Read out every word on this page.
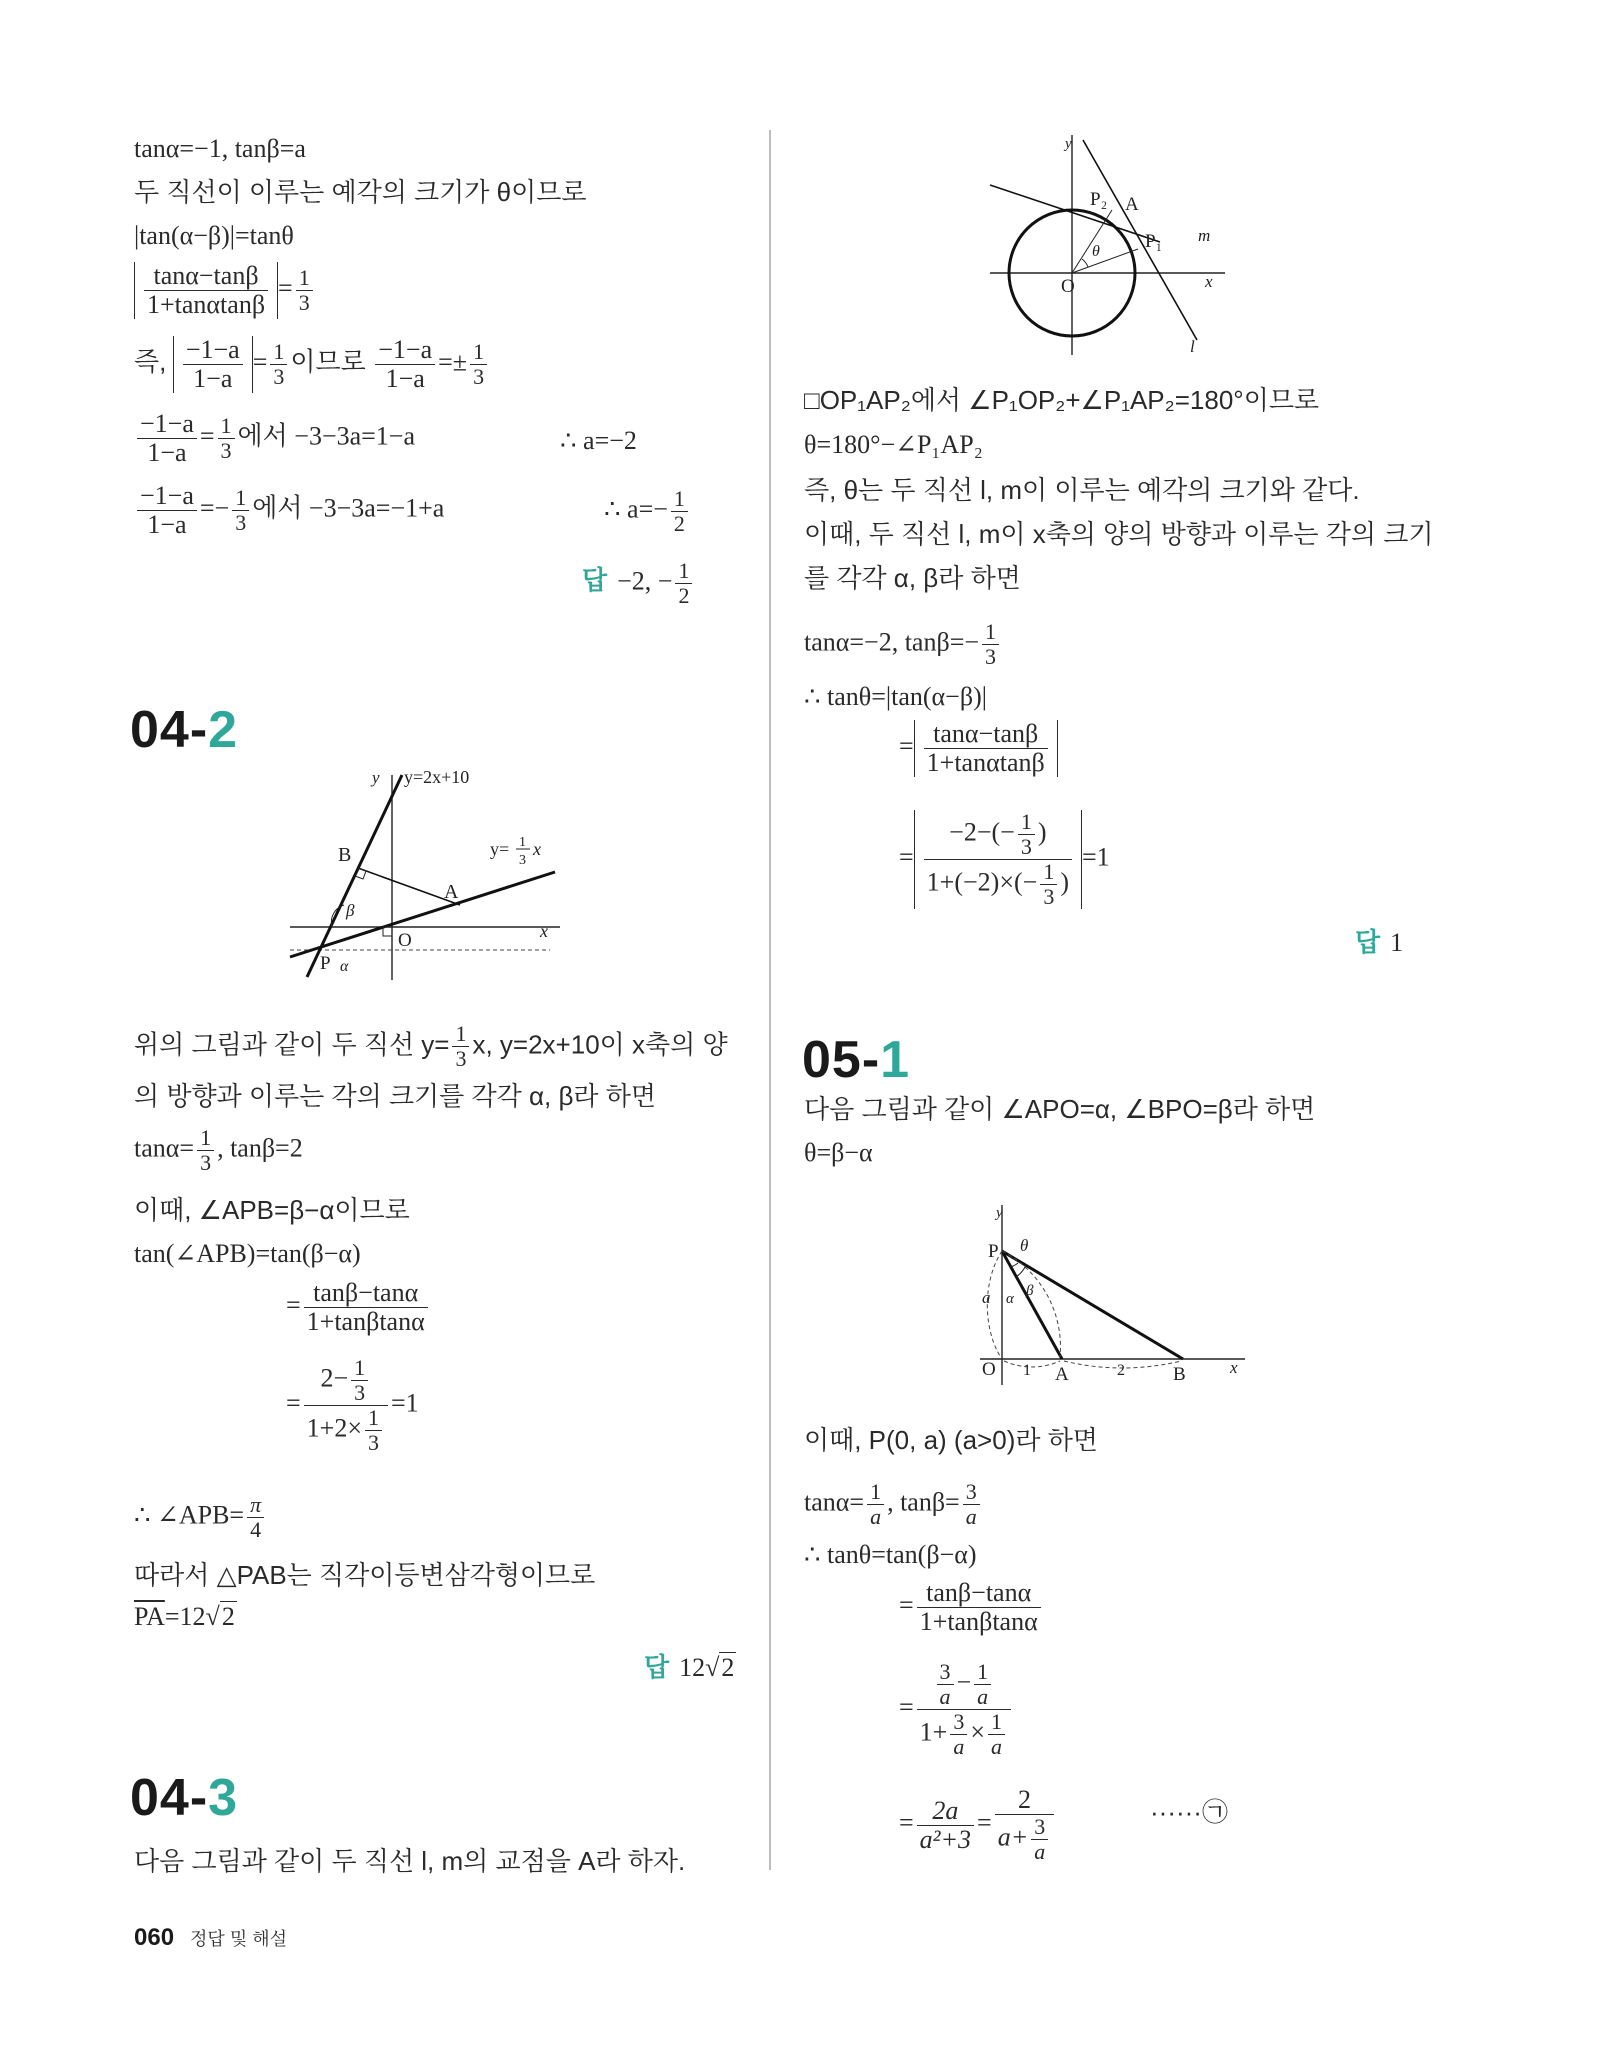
tanα=−1, tanβ=a
두 직선이 이루는 예각의 크기가 θ이므로
|tan(α−β)|=tanθ
$\frac{\tan\alpha-\tan\beta}{1+\tan\alpha\tan\beta} = \frac{1}{3}$
즉, $\frac{-1-a}{1-a} = \frac{1}{3}$ 이므로 $\frac{-1-a}{1-a} =\pm \frac{1}{3}$
$\frac{-1-a}{1-a} = \frac{1}{3}$ 에서 −3−3a=1−a	∴ a=−2
$\frac{-1-a}{1-a} =- \frac{1}{3}$ 에서 −3−3a=−1+a	∴ $a=- \frac{1}{2}$
답 −2, − $\frac{1}{2}$
04-2
y y=2x+10
y= 1
3
x
B
A
β
O	x
P α
위의 그림과 같이 두 직선 $y= \frac{1}{3} x$, y=2x+10이 x축의 양
의 방향과 이루는 각의 크기를 각각 α, β라 하면
$\tan\alpha= \frac{1}{3}$ , tanβ=2
이때, ∠APB=β−α이므로
tan(∠APB)=tan(β−α)
= $\frac{\tan\beta-\tan\alpha}{1+\tan\beta\tan\alpha}$
= $\frac{2- \frac{1}{3}}{1+2\times \frac{1}{3}} =1$
∴ ∠APB= $\frac{\pi}{4}$
따라서 △PAB는 직각이등변삼각형이므로
$\overline{PA}=12√2$
답 12√2
04-3
다음 그림과 같이 두 직선 l, m의 교점을 A라 하자.
y
P₂ A
θ P₁ m
O	x
l
□OP₁AP₂에서 ∠P₁OP₂+∠P₁AP₂=180°이므로
θ=180°−∠P₁AP₂
즉, θ는 두 직선 l, m이 이루는 예각의 크기와 같다.
이때, 두 직선 l, m이 x축의 양의 방향과 이루는 각의 크기
를 각각 α, β라 하면
tanα=−2, $\tan\beta=- \frac{1}{3}$
∴ tanθ=|tan(α−β)|
= $\frac{\tan\alpha-\tan\beta}{1+\tan\alpha\tan\beta}$
= $\frac{-2-(- \frac{1}{3} )}{1+(-2)\times(- \frac{1}{3} )} =1$
답 1
05-1
다음 그림과 같이 ∠APO=α, ∠BPO=β라 하면
θ=β−α
y
P θ
a α β
O 1 A	2	B	x
이때, P(0, a) (a>0)라 하면
$\tan\alpha= \frac{1}{a}$ , $\tan\beta= \frac{3}{a}$
∴ tanθ=tan(β−α)
= $\frac{\tan\beta-\tan\alpha}{1+\tan\beta\tan\alpha}$
= $\frac{\frac{3}{a} - \frac{1}{a}}{1+ \frac{3}{a} \times \frac{1}{a}}$
= $\frac{2a}{\text{a²+3}} = \frac{2}{a+ \frac{3}{a}}$	······㉠
060 정답 및 해설
